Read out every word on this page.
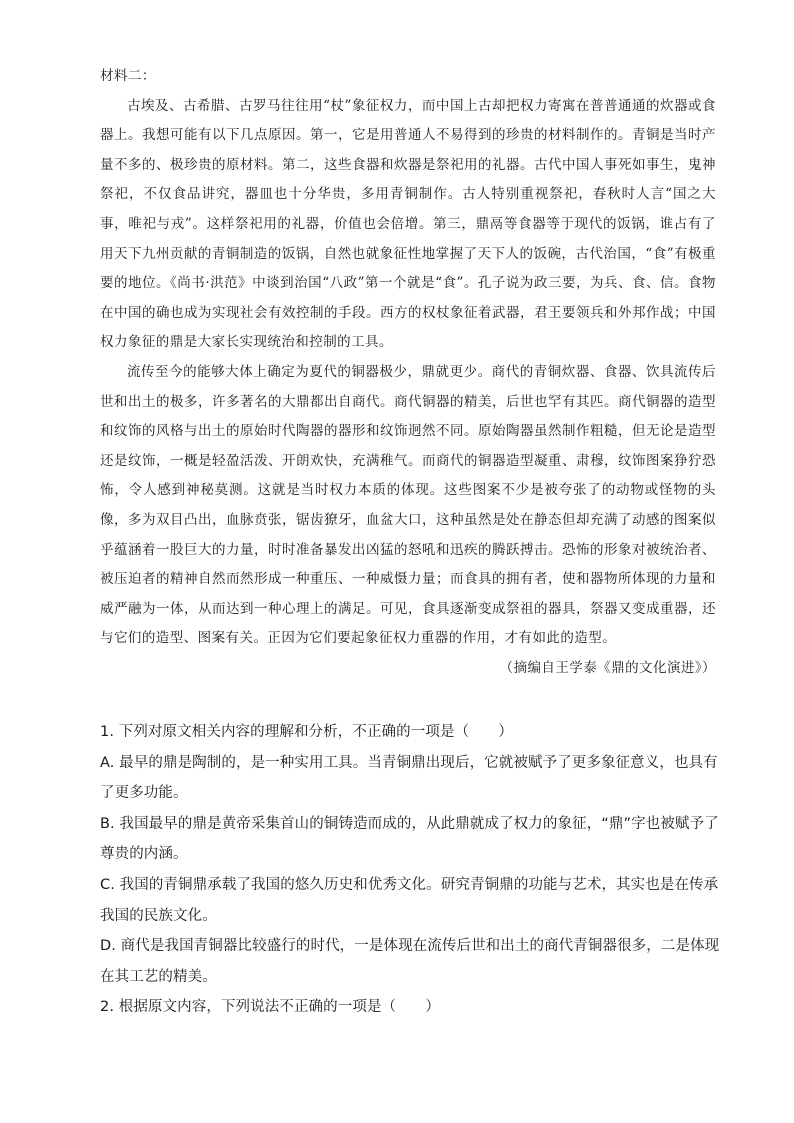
材料二：

古埃及、古希腊、古罗马往往用“杖”象征权力，而中国上古却把权力寄寓在普普通通的炊器或食器上。我想可能有以下几点原因。第一，它是用普通人不易得到的珍贵的材料制作的。青铜是当时产量不多的、极珍贵的原材料。第二，这些食器和炊器是祭祀用的礼器。古代中国人事死如事生，鬼神祭祀，不仅食品讲究，器皿也十分华贵，多用青铜制作。古人特别重视祭祀，春秋时人言“国之大事，唯祀与戎”。这样祭祀用的礼器，价值也会倍增。第三，鼎鬲等食器等于现代的饭锅，谁占有了用天下九州贡献的青铜制造的饭锅，自然也就象征性地掌握了天下人的饭碗，古代治国，“食”有极重要的地位。《尚书·洪范》中谈到治国“八政”第一个就是“食”。孔子说为政三要，为兵、食、信。食物在中国的确也成为实现社会有效控制的手段。西方的权杖象征着武器，君王要领兵和外邦作战；中国权力象征的鼎是大家长实现统治和控制的工具。

流传至今的能够大体上确定为夏代的铜器极少，鼎就更少。商代的青铜炊器、食器、饮具流传后世和出土的极多，许多著名的大鼎都出自商代。商代铜器的精美，后世也罕有其匹。商代铜器的造型和纹饰的风格与出土的原始时代陶器的器形和纹饰迥然不同。原始陶器虽然制作粗糙，但无论是造型还是纹饰，一概是轻盈活泼、开朗欢快，充满稚气。而商代的铜器造型凝重、肃穆，纹饰图案狰狞恐怖，令人感到神秘莫测。这就是当时权力本质的体现。这些图案不少是被夸张了的动物或怪物的头像，多为双目凸出，血脉贲张，锯齿獠牙，血盆大口，这种虽然是处在静态但却充满了动感的图案似乎蕴涵着一股巨大的力量，时时准备暴发出凶猛的怒吼和迅疾的腾跃搏击。恐怖的形象对被统治者、被压迫者的精神自然而然形成一种重压、一种威慑力量；而食具的拥有者，使和器物所体现的力量和威严融为一体，从而达到一种心理上的满足。可见，食具逐渐变成祭祖的器具，祭器又变成重器，还与它们的造型、图案有关。正因为它们要起象征权力重器的作用，才有如此的造型。

（摘编自王学泰《鼎的文化演进》）

1. 下列对原文相关内容的理解和分析，不正确的一项是（　　）

A. 最早的鼎是陶制的，是一种实用工具。当青铜鼎出现后，它就被赋予了更多象征意义，也具有了更多功能。

B. 我国最早的鼎是黄帝采集首山的铜铸造而成的，从此鼎就成了权力的象征，“鼎”字也被赋予了尊贵的内涵。

C. 我国的青铜鼎承载了我国的悠久历史和优秀文化。研究青铜鼎的功能与艺术，其实也是在传承我国的民族文化。

D. 商代是我国青铜器比较盛行的时代，一是体现在流传后世和出土的商代青铜器很多，二是体现在其工艺的精美。

2. 根据原文内容，下列说法不正确的一项是（　　）
